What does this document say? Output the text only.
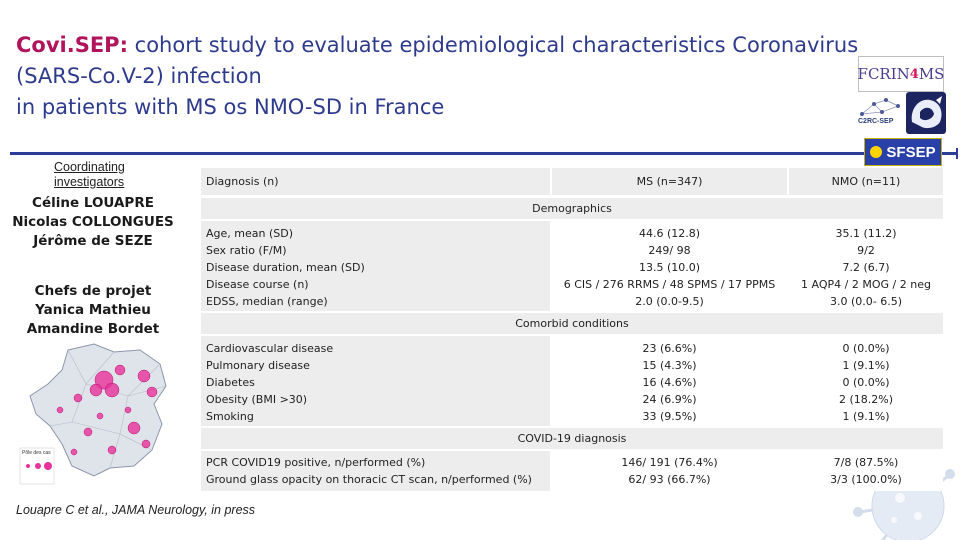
Covi.SEP: cohort study to evaluate epidemiological characteristics Coronavirus
(SARS-Co.V-2) infection
in patients with MS os NMO-SD in France
FCRIN 4 MS
C2RC-SEP
SFSEP
Coordinating
investigators
Céline LOUAPRE
Nicolas COLLONGUES
Jérôme de SEZE
Chefs de projet
Yanica Mathieu
Amandine Bordet
Pôle des cas
Louapre C et al., JAMA Neurology, in press
Diagnosis (n)	MS (n=347)	NMO (n=11)
Demographics
Age, mean (SD)
Sex ratio (F/M)
Disease duration, mean (SD)
Disease course (n)
EDSS, median (range)
44.6 (12.8)
249/ 98
13.5 (10.0)
6 CIS / 276 RRMS / 48 SPMS / 17 PPMS
2.0 (0.0-9.5)
35.1 (11.2)
9/2
7.2 (6.7)
1 AQP4 / 2 MOG / 2 neg
3.0 (0.0- 6.5)
Comorbid conditions
Cardiovascular disease
Pulmonary disease
Diabetes
Obesity (BMI >30)
Smoking
23 (6.6%)
15 (4.3%)
16 (4.6%)
24 (6.9%)
33 (9.5%)
0 (0.0%)
1 (9.1%)
0 (0.0%)
2 (18.2%)
1 (9.1%)
COVID-19 diagnosis
PCR COVID19 positive, n/performed (%)
Ground glass opacity on thoracic CT scan, n/performed (%)
146/ 191 (76.4%)
62/ 93 (66.7%)
7/8 (87.5%)
3/3 (100.0%)
